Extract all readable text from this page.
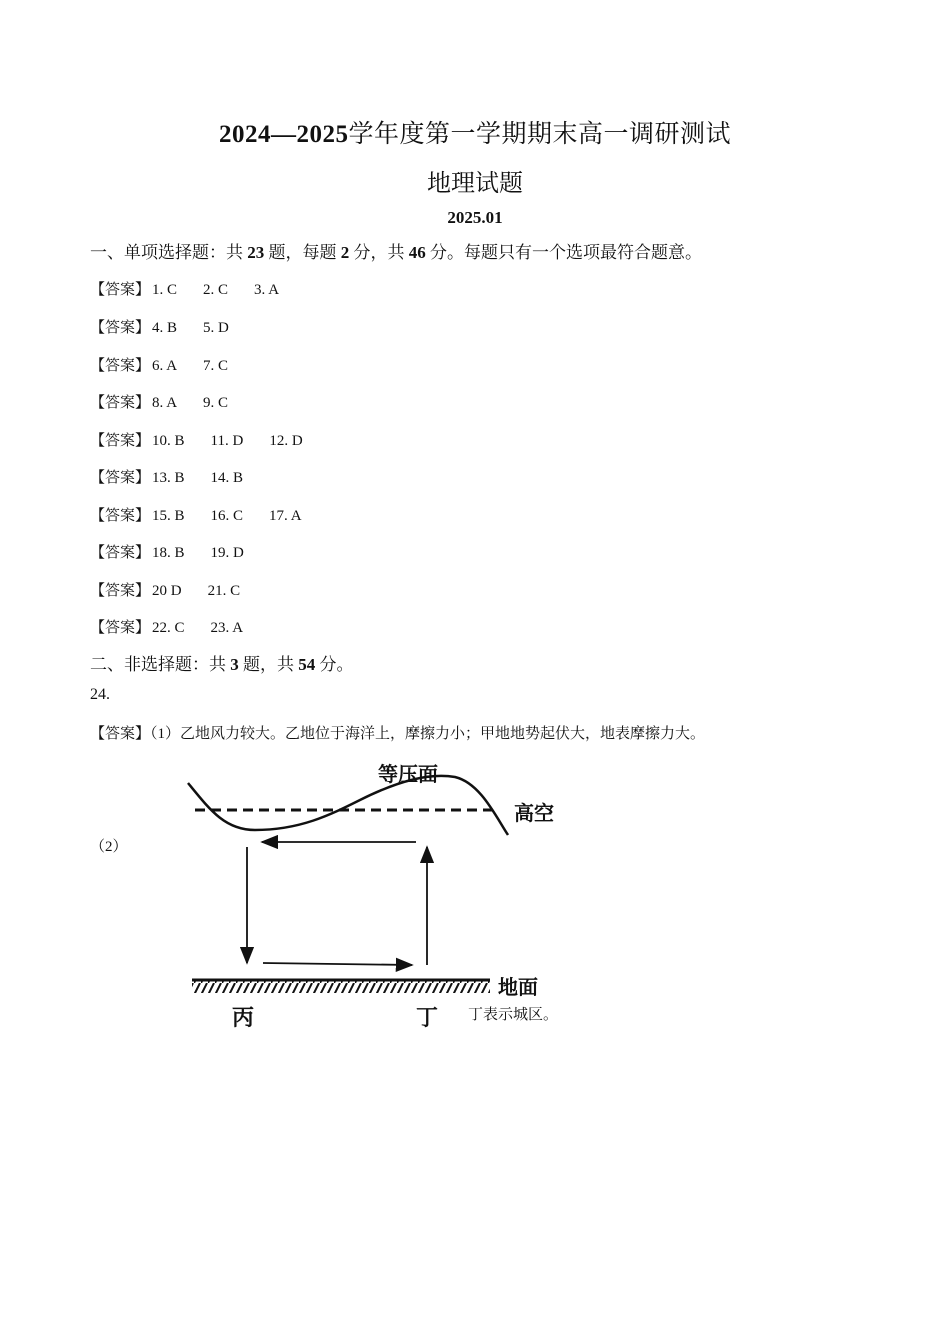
2024—2025学年度第一学期期末高一调研测试
地理试题
2025.01
一、单项选择题：共 23 题，每题 2 分，共 46 分。每题只有一个选项最符合题意。
【答案】 1. C 2. C 3. A
【答案】 4. B 5. D
【答案】 6. A 7. C
【答案】 8. A 9. C
【答案】 10. B 11. D 12. D
【答案】 13. B 14. B
【答案】 15. B 16. C 17. A
【答案】 18. B 19. D
【答案】 20 D 21. C
【答案】 22. C 23. A
二、非选择题：共 3 题，共 54 分。
24.
【答案】（1）乙地风力较大。乙地位于海洋上，摩擦力小；甲地地势起伏大，地表摩擦力大。
（2）
等压面
高空
地面
丙	丁 丁表示城区。
